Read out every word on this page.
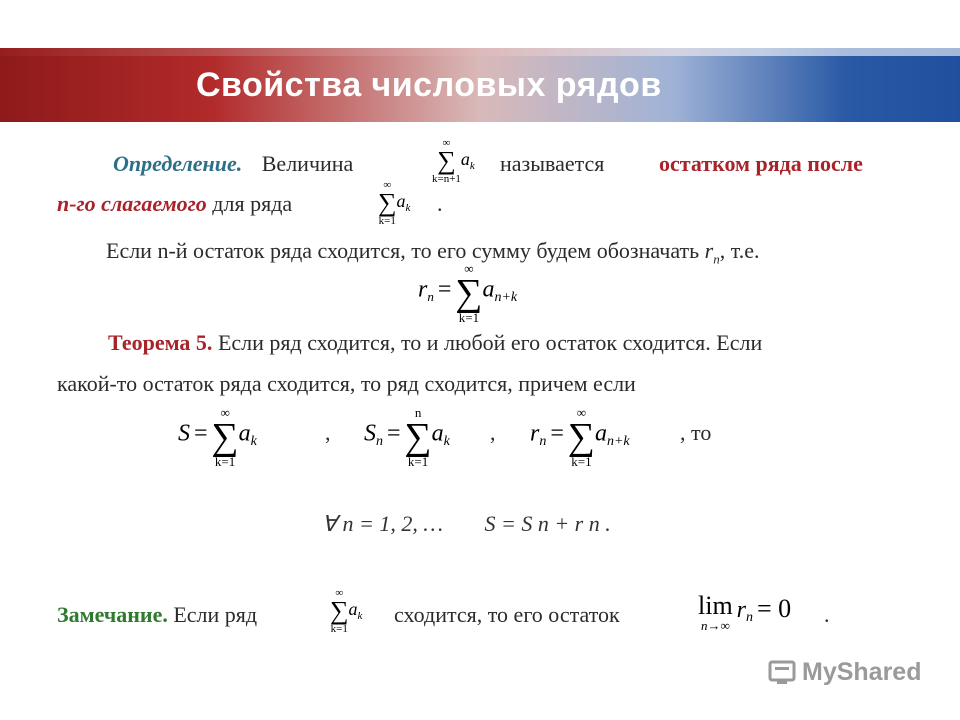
Свойства числовых рядов
Определение. Величина
∞
∑
k=n+1
$a_k$ называется остатком ряда после
n-го слагаемого для ряда
∞
∑
k=1
$a_k$ .
Если n-й остаток ряда сходится, то его сумму будем обозначать $r_n$, т.е.
$r_n$ =
∞
∑
k=1
$a_{n+k}$
Теорема 5. Если ряд сходится, то и любой его остаток сходится. Если
какой-то остаток ряда сходится, то ряд сходится, причем если
S =
∞
∑
k=1
$a_k$	, $S_n$ =
n
∑
k=1
$a_k$ , $r_n$ =
∞
∑
k=1
$a_{n+k}$ , то
∀ n = 1, 2, … S = S n + r n .
Замечание. Если ряд
∞
∑
k=1
$a_k$ сходится, то его остаток	lim
n→∞
$r_n = 0$ .
MyShared
